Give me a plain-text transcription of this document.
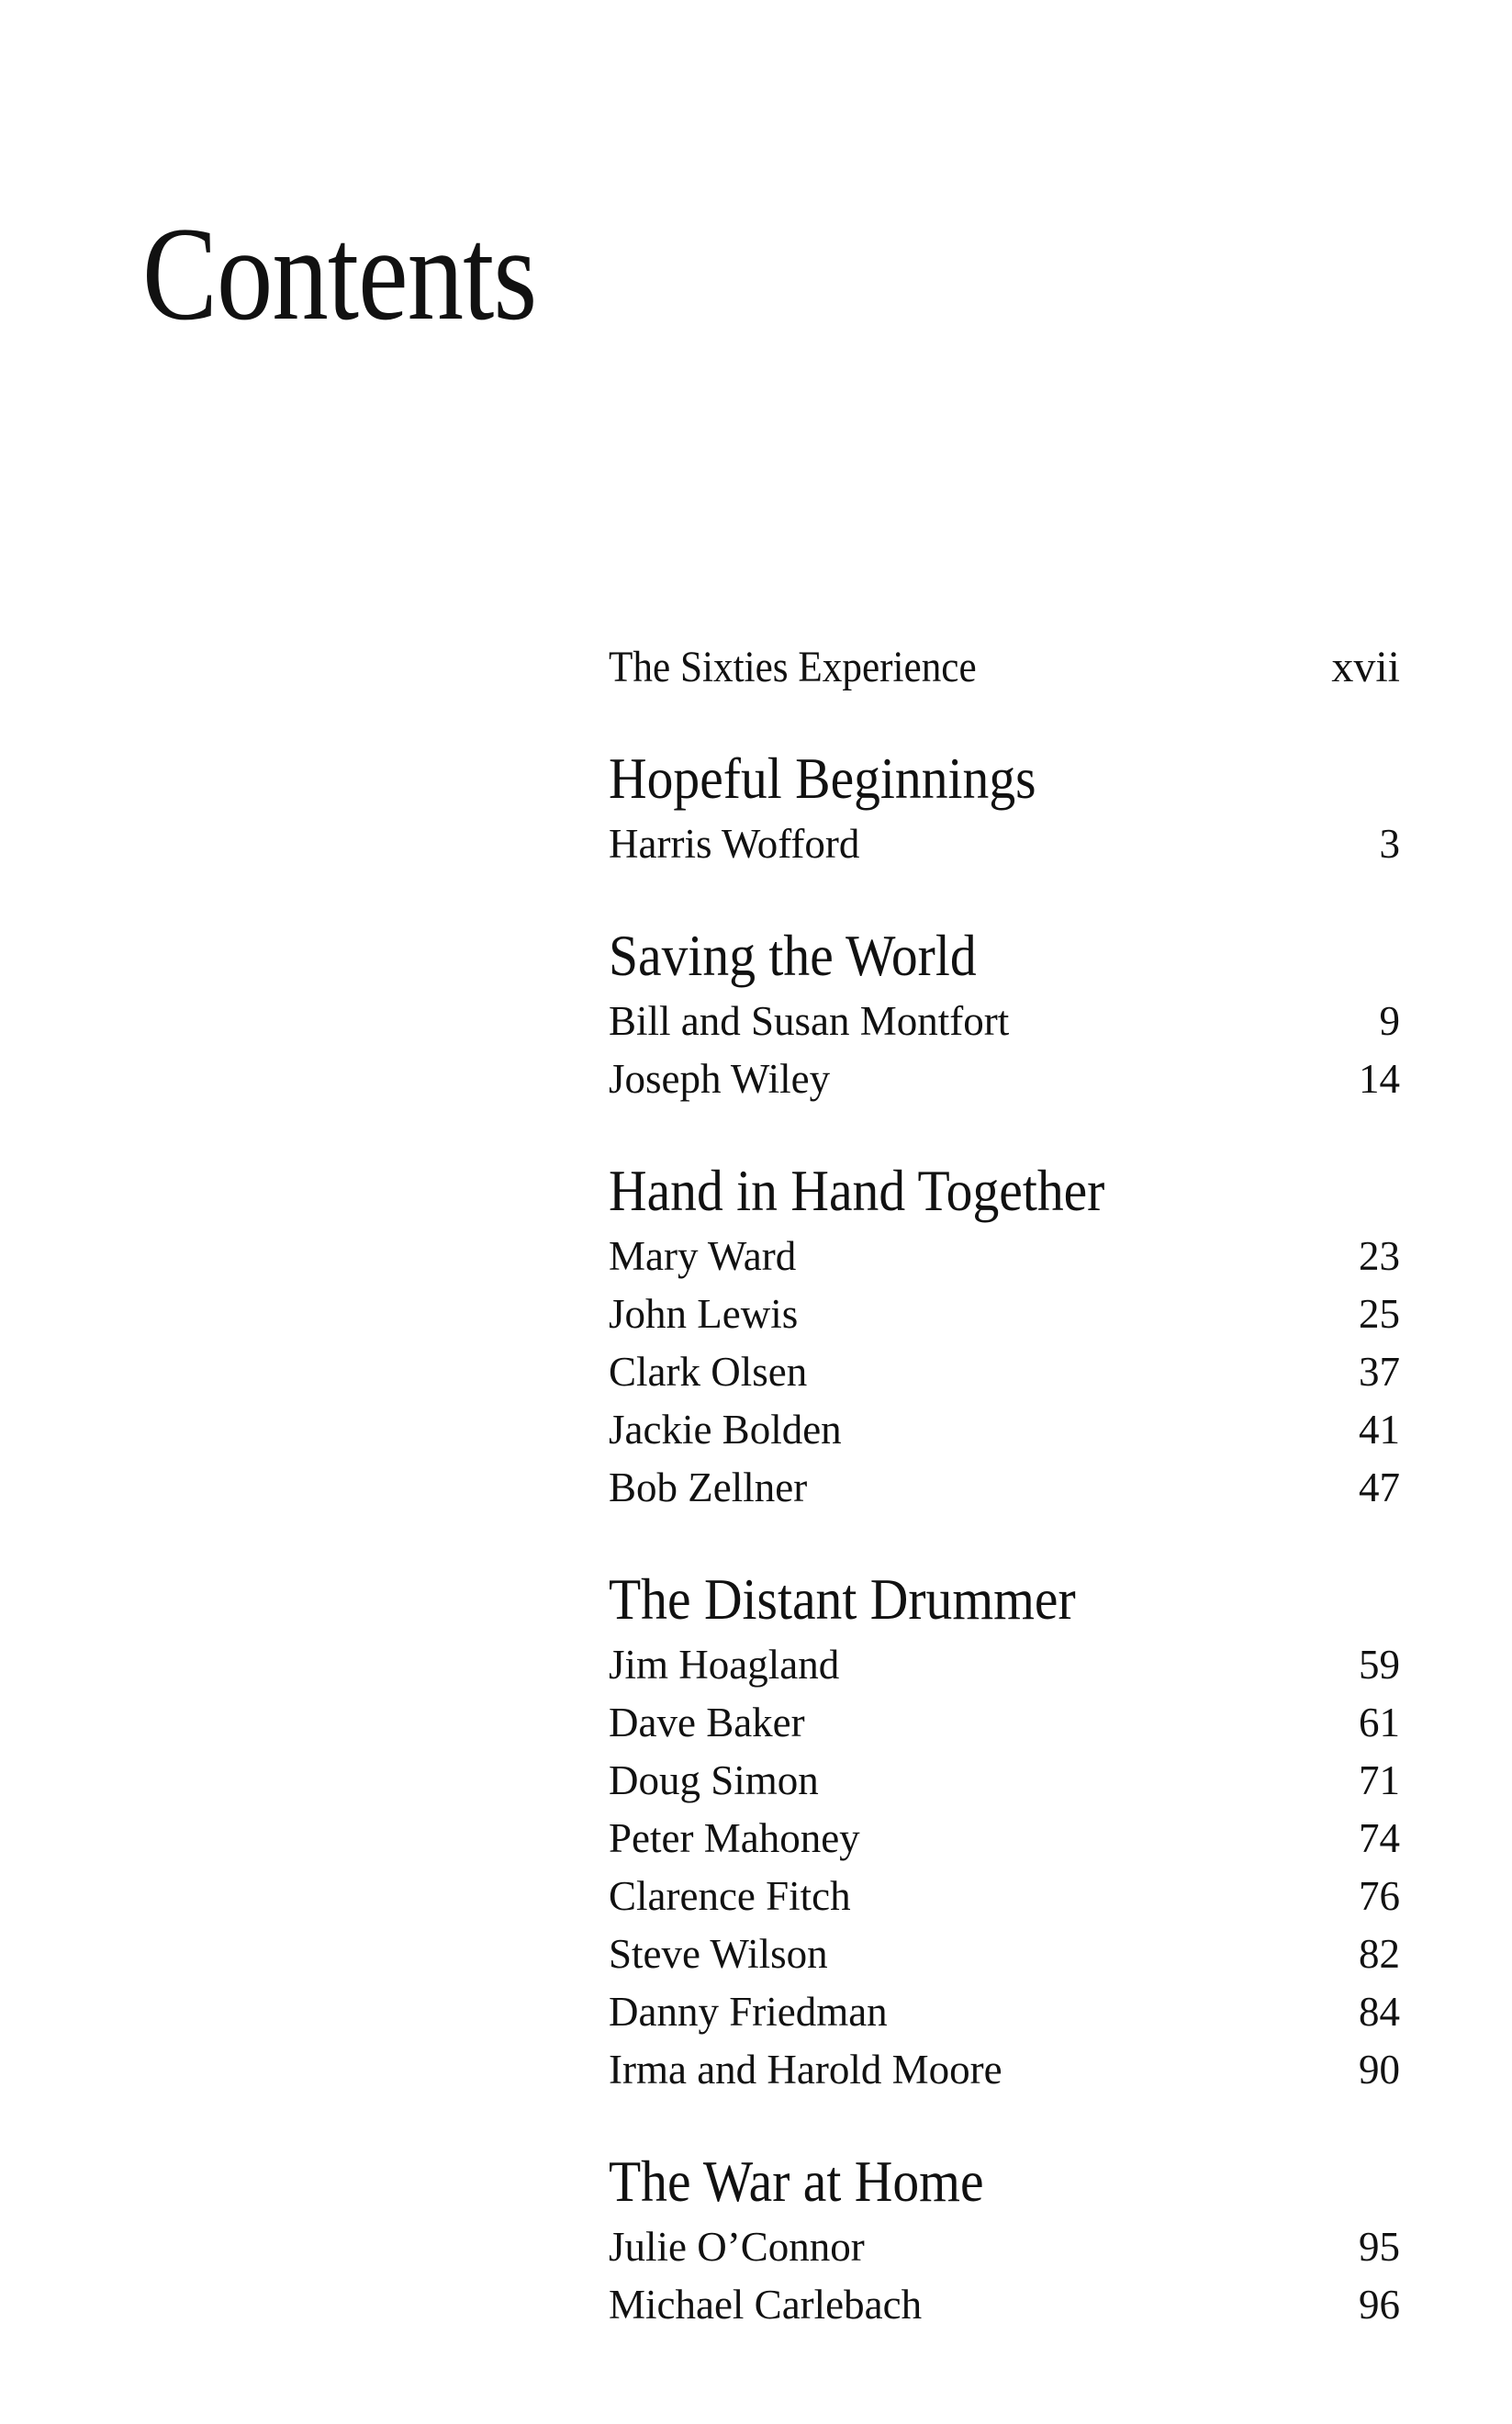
Contents
The Sixties Experience	xvii
Hopeful Beginnings
Harris Wofford	3
Saving the World
Bill and Susan Montfort	9
Joseph Wiley	14
Hand in Hand Together
Mary Ward	23
John Lewis	25
Clark Olsen	37
Jackie Bolden	41
Bob Zellner	47
The Distant Drummer
Jim Hoagland	59
Dave Baker	61
Doug Simon	71
Peter Mahoney	74
Clarence Fitch	76
Steve Wilson	82
Danny Friedman	84
Irma and Harold Moore	90
The War at Home
Julie O’Connor	95
Michael Carlebach	96
